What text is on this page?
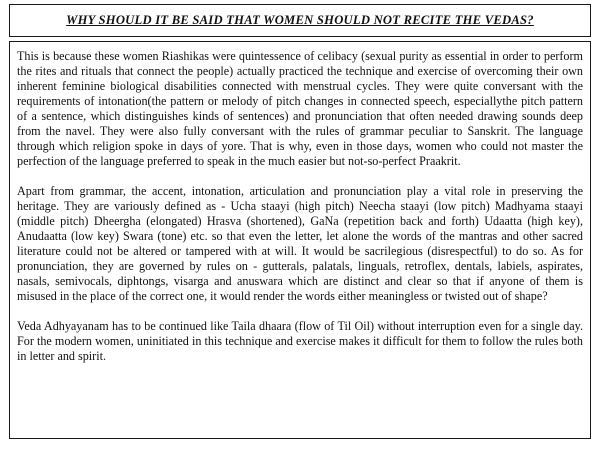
WHY SHOULD IT BE SAID THAT WOMEN SHOULD NOT RECITE THE VEDAS?

This is because these women Riashikas were quintessence of celibacy (sexual purity as essential in order to perform the rites and rituals that connect the people) actually practiced the technique and exercise of overcoming their own inherent feminine biological disabilities connected with menstrual cycles. They were quite conversant with the requirements of intonation(the pattern or melody of pitch changes in connected speech, especiallythe pitch pattern of a sentence, which distinguishes kinds of sentences) and pronunciation that often needed drawing sounds deep from the navel. They were also fully conversant with the rules of grammar peculiar to Sanskrit. The language through which religion spoke in days of yore. That is why, even in those days, women who could not master the perfection of the language preferred to speak in the much easier but not-so-perfect Praakrit.

Apart from grammar, the accent, intonation, articulation and pronunciation play a vital role in preserving the heritage. They are variously defined as - Ucha staayi (high pitch) Neecha staayi (low pitch) Madhyama staayi (middle pitch) Dheergha (elongated) Hrasva (shortened), GaNa (repetition back and forth) Udaatta (high key), Anudaatta (low key) Swara (tone) etc. so that even the letter, let alone the words of the mantras and other sacred literature could not be altered or tampered with at will. It would be sacrilegious (disrespectful) to do so. As for pronunciation, they are governed by rules on - gutterals, palatals, linguals, retroflex, dentals, labiels, aspirates, nasals, semivocals, diphtongs, visarga and anuswara which are distinct and clear so that if anyone of them is misused in the place of the correct one, it would render the words either meaningless or twisted out of shape?

Veda Adhyayanam has to be continued like Taila dhaara (flow of Til Oil) without interruption even for a single day. For the modern women, uninitiated in this technique and exercise makes it difficult for them to follow the rules both in letter and spirit.
